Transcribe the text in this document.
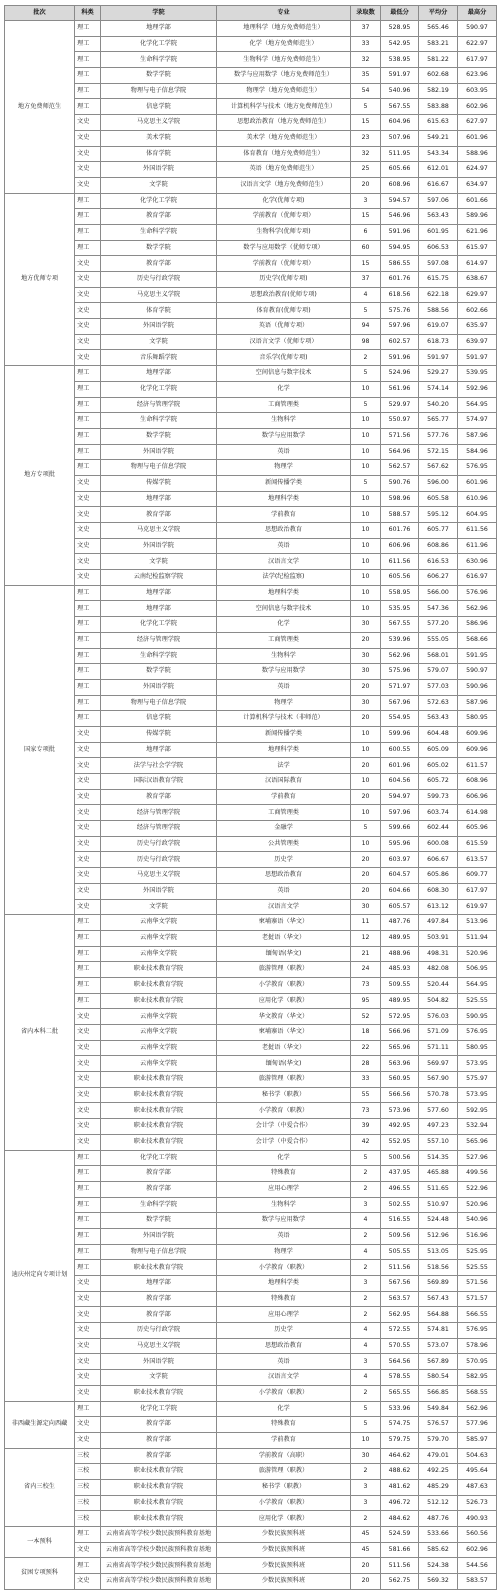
批次	科类	学院	专业	录取数	最低分	平均分	最高分
地方免费师范生	理工	地理学部	地理科学（地方免费师范生）	37	528.95	565.46	590.97
	理工	化学化工学院	化学（地方免费师范生）	33	542.95	583.21	622.97
	理工	生命科学学院	生物科学（地方免费师范生）	32	538.95	581.22	617.97
	理工	数学学院	数学与应用数学（地方免费师范生）	35	591.97	602.68	623.96
	理工	物理与电子信息学院	物理学（地方免费师范生）	54	540.96	582.19	603.95
	理工	信息学院	计算机科学与技术（地方免费师范生）	5	567.55	583.88	602.96
	文史	马克思主义学院	思想政治教育（地方免费师范生）	15	604.96	615.63	627.97
	文史	美术学院	美术学（地方免费师范生）	23	507.96	549.21	601.96
	文史	体育学院	体育教育（地方免费师范生）	32	511.95	543.34	588.96
	文史	外国语学院	英语（地方免费师范生）	25	605.66	612.01	624.97
	文史	文学院	汉语言文学（地方免费师范生）	20	608.96	616.67	634.97
地方优师专项	理工	化学化工学院	化学(优师专项)	3	594.57	597.06	601.66
	理工	教育学部	学前教育（优师专项）	15	546.96	563.43	589.96
	理工	生命科学学院	生物科学(优师专项)	6	591.96	601.95	621.96
	理工	数学学院	数学与应用数学（优师专项）	60	594.95	606.53	615.97
	文史	教育学部	学前教育（优师专项）	15	586.55	597.08	614.97
	文史	历史与行政学院	历史学(优师专项)	37	601.76	615.75	638.67
	文史	马克思主义学院	思想政治教育(优师专项)	4	618.56	622.18	629.97
	文史	体育学院	体育教育(优师专项)	5	575.76	588.56	602.66
	文史	外国语学院	英语（优师专项）	94	597.96	619.07	635.97
	文史	文学院	汉语言文学（优师专项）	98	602.57	618.73	639.97
	文史	音乐舞蹈学院	音乐学(优师专项)	2	591.96	591.97	591.97
地方专项批	理工	地理学部	空间信息与数字技术	5	524.96	529.27	539.95
	理工	化学化工学院	化学	10	561.96	574.14	592.96
	理工	经济与管理学院	工商管理类	5	529.97	540.20	564.95
	理工	生命科学学院	生物科学	10	550.97	565.77	574.97
	理工	数学学院	数学与应用数学	10	571.56	577.76	587.96
	理工	外国语学院	英语	10	564.96	572.15	584.96
	理工	物理与电子信息学院	物理学	10	562.57	567.62	576.95
	文史	传媒学院	新闻传播学类	5	590.76	596.00	601.96
	文史	地理学部	地理科学类	10	598.96	605.58	610.96
	文史	教育学部	学前教育	10	588.57	595.12	604.95
	文史	马克思主义学院	思想政治教育	10	601.76	605.77	611.56
	文史	外国语学院	英语	10	606.96	608.86	611.96
	文史	文学院	汉语言文学	10	611.56	616.53	630.96
	文史	云南纪检监察学院	法学(纪检监察)	10	605.56	606.27	616.97
国家专项批	理工	地理学部	地理科学类	10	558.95	566.00	576.96
	理工	地理学部	空间信息与数字技术	10	535.95	547.36	562.96
	理工	化学化工学院	化学	30	567.55	577.20	586.96
	理工	经济与管理学院	工商管理类	20	539.96	555.05	568.66
	理工	生命科学学院	生物科学	30	562.96	568.01	591.95
	理工	数学学院	数学与应用数学	30	575.96	579.07	590.97
	理工	外国语学院	英语	20	571.97	577.03	590.96
	理工	物理与电子信息学院	物理学	30	567.96	572.63	587.96
	理工	信息学院	计算机科学与技术（非师范）	20	554.95	563.43	580.95
	文史	传媒学院	新闻传播学类	10	599.96	604.48	609.96
	文史	地理学部	地理科学类	10	600.55	605.09	609.96
	文史	法学与社会学学院	法学	20	601.96	605.02	611.57
	文史	国际汉语教育学院	汉语国际教育	10	604.56	605.72	608.96
	文史	教育学部	学前教育	20	594.97	599.73	606.96
	文史	经济与管理学院	工商管理类	10	597.96	603.74	614.98
	文史	经济与管理学院	金融学	5	599.66	602.44	605.96
	文史	历史与行政学院	公共管理类	10	595.96	600.08	615.59
	文史	历史与行政学院	历史学	20	603.97	606.67	613.57
	文史	马克思主义学院	思想政治教育	20	604.57	605.86	609.77
	文史	外国语学院	英语	20	604.66	608.30	617.97
	文史	文学院	汉语言文学	30	605.57	613.12	619.97
省内本科二批	理工	云南华文学院	柬埔寨语（华文）	11	487.76	497.84	513.96
	理工	云南华文学院	老挝语（华文）	12	489.95	503.91	511.94
	理工	云南华文学院	缅甸语(华文)	21	488.96	498.31	520.96
	理工	职业技术教育学院	旅游管理（职教）	24	485.93	482.08	506.95
	理工	职业技术教育学院	小学教育（职教）	73	509.55	520.44	564.95
	理工	职业技术教育学院	应用化学（职教）	95	489.95	504.82	525.55
	文史	云南华文学院	华文教育（华文）	52	572.95	576.03	590.95
	文史	云南华文学院	柬埔寨语（华文）	18	566.96	571.09	576.95
	文史	云南华文学院	老挝语（华文）	22	565.96	571.11	580.95
	文史	云南华文学院	缅甸语(华文)	28	563.96	569.97	573.95
	文史	职业技术教育学院	旅游管理（职教）	33	560.95	567.90	575.97
	文史	职业技术教育学院	秘书学（职教）	55	566.56	570.78	573.95
	文史	职业技术教育学院	小学教育（职教）	73	573.96	577.60	592.95
	文史	职业技术教育学院	会计学（中爱合作）	39	492.95	497.23	532.94
	文史	职业技术教育学院	会计学（中爱合作）	42	552.95	557.10	565.96
迪庆州定向专项计划	理工	化学化工学院	化学	5	500.56	514.35	527.96
	理工	教育学部	特殊教育	2	437.95	465.88	499.56
	理工	教育学部	应用心理学	2	496.55	511.65	522.96
	理工	生命科学学院	生物科学	3	502.55	510.97	520.96
	理工	数学学院	数学与应用数学	4	516.55	524.48	540.96
	理工	外国语学院	英语	2	509.56	512.96	516.96
	理工	物理与电子信息学院	物理学	4	505.55	513.05	525.95
	理工	职业技术教育学院	小学教育（职教）	2	511.56	518.56	525.55
	文史	地理学部	地理科学类	3	567.56	569.89	571.56
	文史	教育学部	特殊教育	2	563.57	567.43	571.57
	文史	教育学部	应用心理学	2	562.95	564.88	566.55
	文史	历史与行政学院	历史学	4	572.55	574.81	576.95
	文史	马克思主义学院	思想政治教育	4	570.55	573.07	578.96
	文史	外国语学院	英语	3	564.56	567.89	570.95
	文史	文学院	汉语言文学	4	578.55	580.54	582.95
	文史	职业技术教育学院	小学教育（职教）	2	565.55	566.85	568.55
非西藏生源定向西藏	理工	化学化工学院	化学	5	533.96	549.84	562.96
	文史	教育学部	特殊教育	5	574.75	576.57	577.96
	文史	教育学部	学前教育	10	579.75	579.70	585.97
省内三校生	三校	教育学部	学前教育（高职）	30	464.62	479.01	504.63
	三校	职业技术教育学院	旅游管理（职教）	2	488.62	492.25	495.64
	三校	职业技术教育学院	秘书学（职教）	3	481.62	485.29	487.63
	三校	职业技术教育学院	小学教育（职教）	3	496.72	512.12	526.73
	三校	职业技术教育学院	应用化学（职教）	2	484.62	487.76	490.93
一本预科	理工	云南省高等学校少数民族预科教育基地	少数民族预科班	45	524.59	533.66	560.56
	文史	云南省高等学校少数民族预科教育基地	少数民族预科班	45	581.66	585.62	602.96
贫困专项预科	理工	云南省高等学校少数民族预科教育基地	少数民族预科班	20	511.56	524.38	544.56
	文史	云南省高等学校少数民族预科教育基地	少数民族预科班	20	562.75	569.32	583.57
